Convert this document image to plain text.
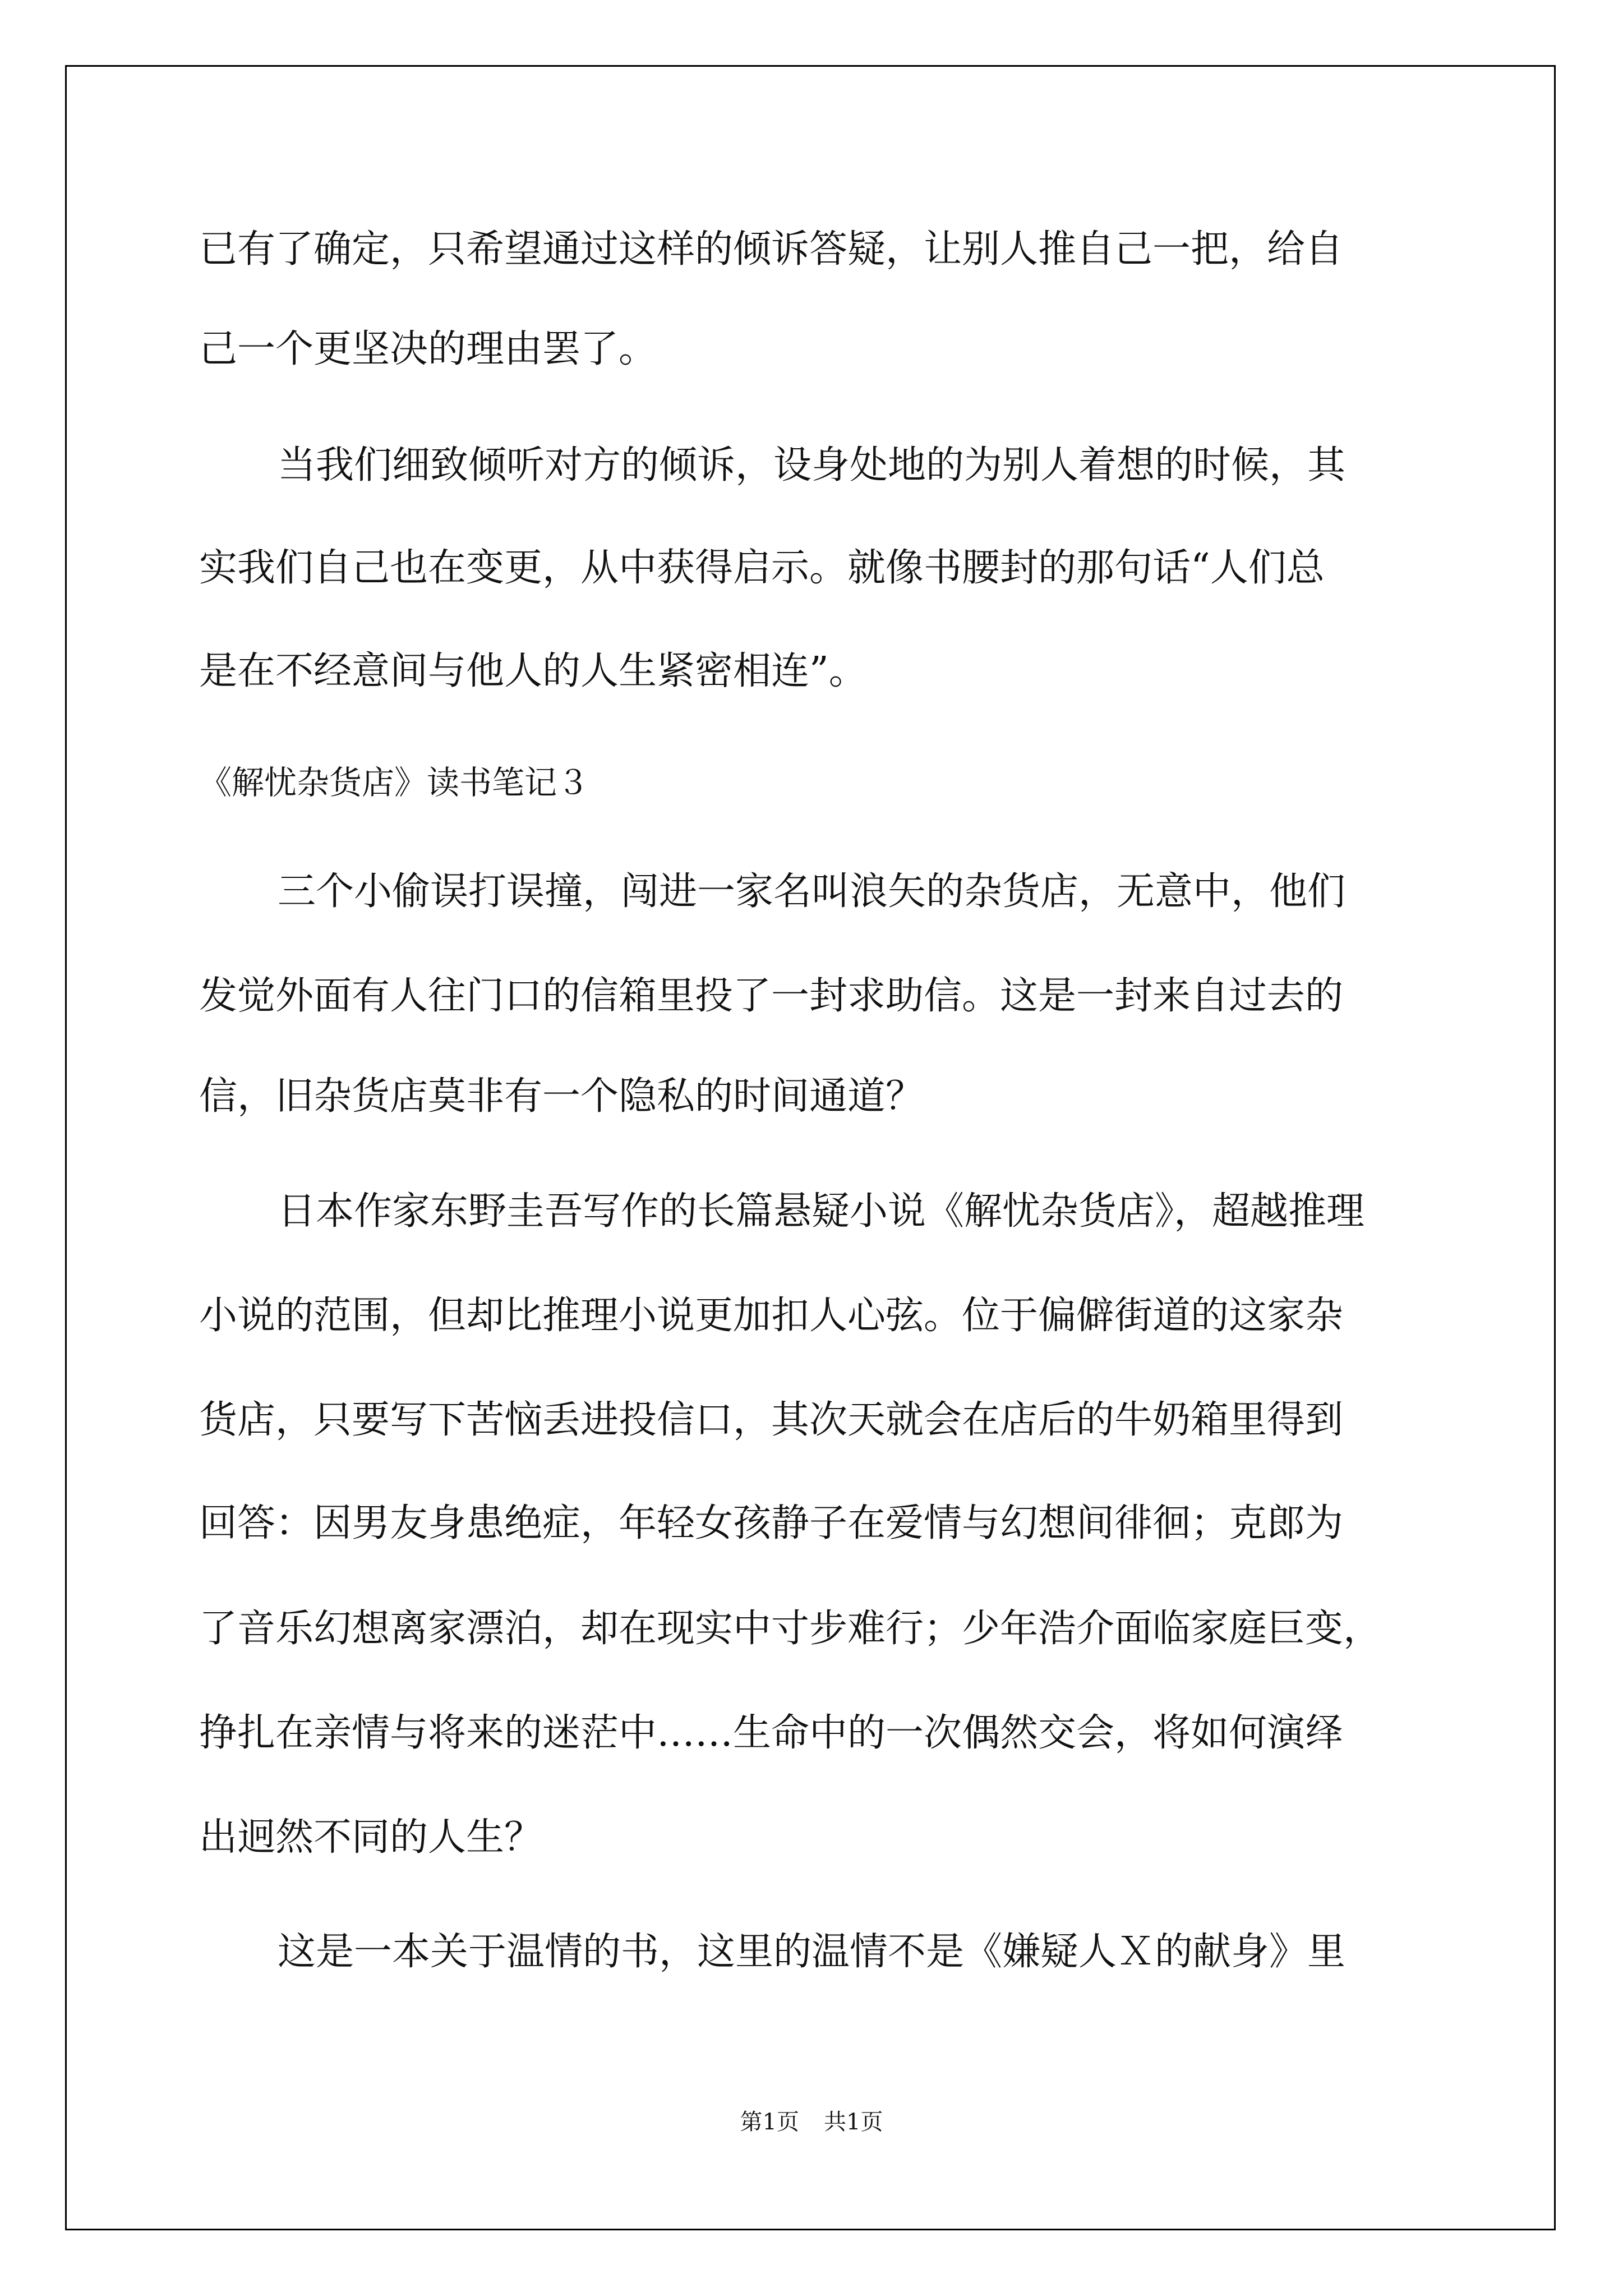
已有了确定，只希望通过这样的倾诉答疑，让别人推自己一把，给自
己一个更坚决的理由罢了。
当我们细致倾听对方的倾诉，设身处地的为别人着想的时候，其
实我们自己也在变更，从中获得启示。就像书腰封的那句话“人们总
是在不经意间与他人的人生紧密相连”。
《解忧杂货店》读书笔记３
三个小偷误打误撞，闯进一家名叫浪矢的杂货店，无意中，他们
发觉外面有人往门口的信箱里投了一封求助信。这是一封来自过去的
信，旧杂货店莫非有一个隐私的时间通道？
日本作家东野圭吾写作的长篇悬疑小说《解忧杂货店》，超越推理
小说的范围，但却比推理小说更加扣人心弦。位于偏僻街道的这家杂
货店，只要写下苦恼丢进投信口，其次天就会在店后的牛奶箱里得到
回答：因男友身患绝症，年轻女孩静子在爱情与幻想间徘徊；克郎为
了音乐幻想离家漂泊，却在现实中寸步难行；少年浩介面临家庭巨变，
挣扎在亲情与将来的迷茫中……生命中的一次偶然交会，将如何演绎
出迥然不同的人生？
这是一本关于温情的书，这里的温情不是《嫌疑人Ｘ的献身》里
第1页 共1页
